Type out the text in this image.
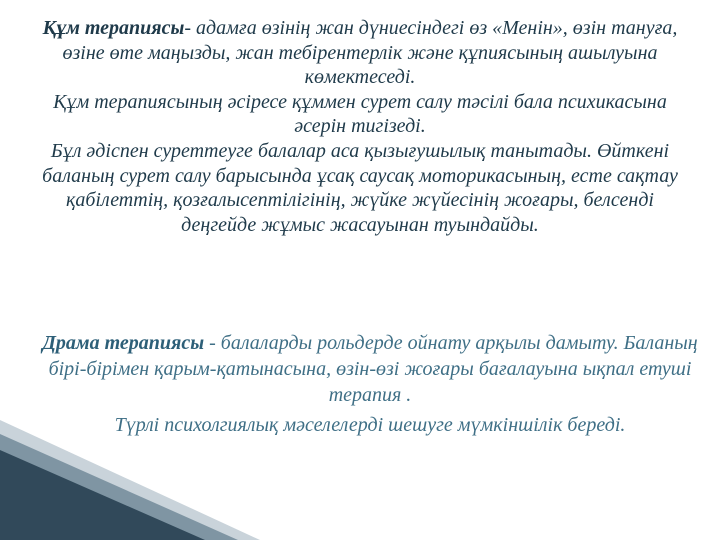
Құм терапиясы- адамға өзінің жан дүниесіндегі өз «Менін», өзін тануға, өзіне өте маңызды, жан тебірентерлік және құпиясының ашылуына көмектеседі.
Құм терапиясының әсіресе құммен сурет салу тәсілі бала психикасына әсерін тигізеді.
Бұл әдіспен суреттеуге балалар аса қызығушылық танытады. Өйткені баланың сурет салу барысында ұсақ саусақ моторикасының, есте сақтау қабілеттің, қозғалысептілігінің, жүйке жүйесінің жоғары, белсенді деңгейде жұмыс жасауынан туындайды.

Драма терапиясы - балаларды рольдерде ойнату арқылы дамыту. Баланың бірі-бірімен қарым-қатынасына, өзін-өзі жоғары бағалауына ықпал етуші терапия .
Түрлі психолгиялық мәселелерді шешуге мүмкіншілік береді.
